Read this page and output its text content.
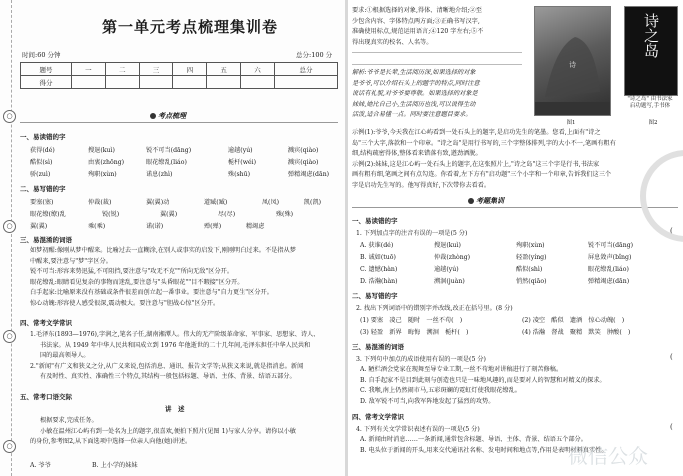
○
○
○
○
第一单元考点梳理集训卷
时间:60 分钟	总分:100 分
题号	一	二	三	四	五	六	总分
得分							
考点梳理
一、易读错的字
获得(dé)	搜退(kuì)	锐不可当(dāng)	逾越(yú)	溅宾(qiào)
酷似(sì)	由衷(zhōng)	眼花缭乱(liáo)	栀杆(wéi)	溅宾(qiào)
骄(zuì)	殉职(xùn)	诺息(zhì)	殊(shū)	弹精竭虑(dān)
二、易写错的字
要塞(塞)	仲裁(裁)	翼(翼)动	道臧(臧)	凤(凤)	凯(凯)
眼花缭(缭)乱	锐(锐)	翼(翼)	尽(尽)	殊(殊)
翼(翼)	乘(乘)	诺(诺)	殚(殚)	精竭虑
三、易混淆的词语
如梦初醒:像刚从梦中醒来。比喻过去一直糊涂,在别人或事实的启发下,刚刚明白过来。不是指从梦
中醒来,要注意与"梦"字区分。
锐不可当:形容来势迅猛,不可阻挡,要注意与"攻无不克""所向无敌"区分开。
眼花缭乱:眼睛看见复杂的事物而迷乱,要注意与"头昏眼花""目不暇接"区分开。
白手起家:比喻原来没有基础或条件很差而创立起一番事业。要注意与"自力更生"区分开。
惊心动魄:形容使人感受很深,震动极大。要注意与"胆战心惊"区分开。
四、常考文学常识
1.毛泽东(1893—1976),字润之,笔名子任,湖南湘潭人。伟大的无产阶级革命家、军事家、思想家、诗人、
书法家。从 1949 年中华人民共和国成立到 1976 年他逝世的二十几年间,毛泽东担任中华人民共和
国的最高领导人。
2."新闻"有广义和狭义之分,从广义来说,包括消息、通讯、报告文学等;从狭义来说,就是指消息。新闻
有及时性、真实性、准确性三个特点,其结构一般包括标题、导语、主体、背景、结语五部分。
五、常考口语交际
讲　述
根据要求,完成任务。
小敏在温州江心屿有到一处名为上的题字,很喜欢,便拍下照片(见图 1)与家人分享。请你以小敏
的身份,参考图2,从下面选项中选择一位亲人向他(她)讲述。
A. 爷爷	B. 上小学的妹妹
要求:①根据选择的对象,得体、清晰地介绍;②至
少包含内容、字体特点两方面;③正确书写汉字,
准确使用标点,规范运用语言;④120 字左右;⑤不
得出现真实的校名、人名等。
诗
图1
诗之岛
"诗之岛" 由书法家
启功题写,手书体
图2
解析:爷爷是长辈,生活阅历深,如果选择的对象
是爷爷,可以介绍石头上的题字的特点,同时注意
说话有礼貌,对爷爷要尊敬。如果选择的对象是
妹妹,她比自己小,生活阅历也浅,可以说得生动
活泼,适合易懂一点。同时要注意题目要求。
示例(1):爷爷,今天我在江心屿看到一处石头上的题字,是启功先生的笔墨。您看,上面有"诗之
岛"三个大字,落款和一个印章。"诗之岛"是用行书写的,三个字整体排列,字的大小不一,笔画有粗有
细,结构疏密得体,整体看来错落有致,遒劲洒脱。
示例(2):妹妹,这是江心屿一处石头上的题字,在这张照片上,"诗之岛"这三个字是行书,书法家
画有粗有细,笔画之间有点勾连。你看着,左下方有"启功题"三个小字和一个印章,告诉我们这三个
字是启功先生写的。他写得真好,下次带你去看看。
考题集训
一、易读错的字
1. 下列加点字的注音有误的一项是(5 分)	(
A. 获谁(dé)	搜退(kuì)	殉职(xùn)	锐不可当(dāng)
B. 诚如(tuō)	仲裁(zhòng)	轻盈(yíng)	屏息敛声(bǐng)
C. 遗憾(hàn)	逾越(yú)	酷似(shì)	眼花缭乱(liáo)
D. 浩瀚(hàn)	溯洄(juàn)	悄然(qiāo)	弹精竭虑(dān)
二、易写错的字
2. 找出下列词语中的错别字并改线,改正在括号里。(8 分)
(1) 要塞　凌己　随时　一丝不苟(　)	(2) 凌空　酷似　遗酒　惊心动魄(　)
(3) 轻盈　新界　晦悔　溯洄　栀杆(　)	(4) 浩瀚　督战　聚精　默笑　肿酸(　)
三、易混淆的词语
3. 下列句中加点的成语使用有误的一项是(5 分)	(
A. 陋栏酒会党家在现舞至导专业工期,一丝不苟地对讲稿进行了刻苦修稿。
B. 自手起家不是目到此刻与创造也只是一味地风趣的,而是要对人的智慧和对精义的探求。
C. 我喉,南上仍然闹市马,五彩斑斓的霓虹灯使我眼花缭乱。
D. 敌军锐不可当,向我军阵地发起了猛烈的攻势。
四、常考文学常识
4. 下列有关文学常识表述有误的一项是(5 分)	(
A. 新闻由时消息……一条新闻,通常包含标题、导语、主体、背景、结语五个部分。
B. 电头位于新闻的开头,用来交代通讯社名称、发电时间和地点等,作用是表明材料真实性。
微信公众
